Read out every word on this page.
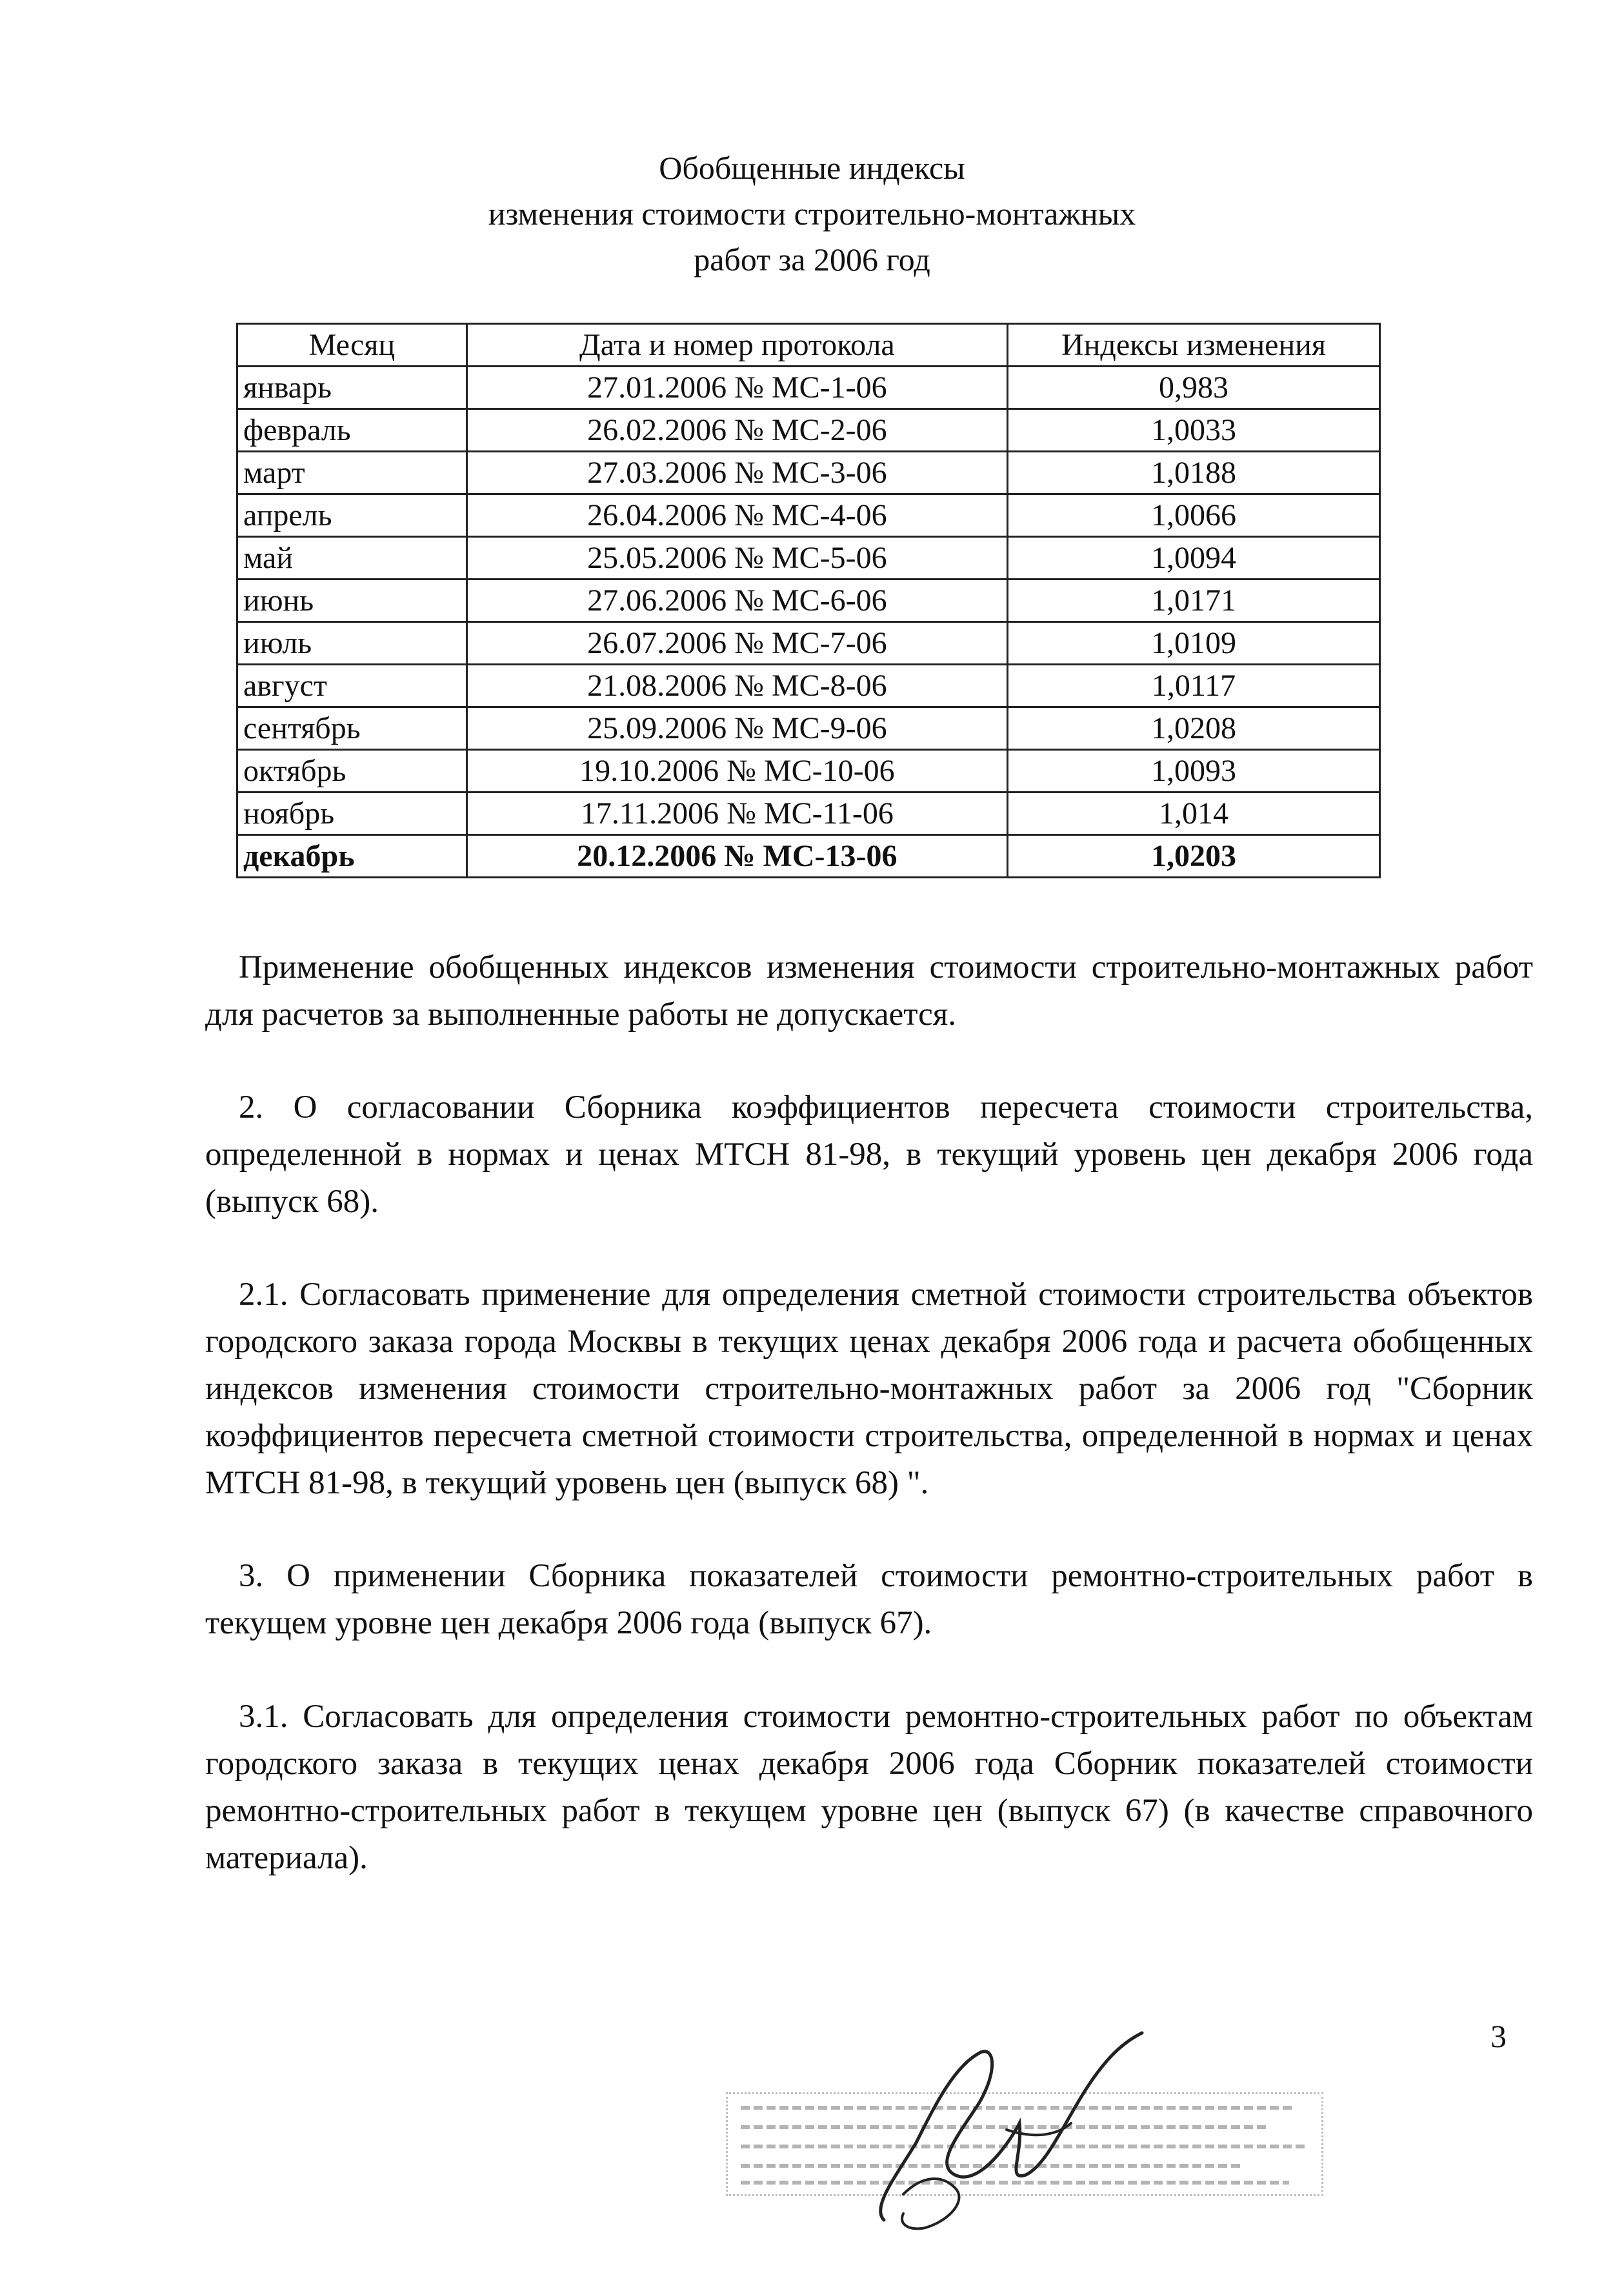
Обобщенные индексы
изменения стоимости строительно-монтажных
работ за 2006 год
Месяц	Дата и номер протокола	Индексы изменения
январь	27.01.2006 № МС-1-06	0,983
февраль	26.02.2006 № МС-2-06	1,0033
март	27.03.2006 № МС-3-06	1,0188
апрель	26.04.2006 № МС-4-06	1,0066
май	25.05.2006 № МС-5-06	1,0094
июнь	27.06.2006 № МС-6-06	1,0171
июль	26.07.2006 № МС-7-06	1,0109
август	21.08.2006 № МС-8-06	1,0117
сентябрь	25.09.2006 № МС-9-06	1,0208
октябрь	19.10.2006 № МС-10-06	1,0093
ноябрь	17.11.2006 № МС-11-06	1,014
декабрь	20.12.2006 № МС-13-06	1,0203
Применение обобщенных индексов изменения стоимости строительно-монтажных работ для расчетов за выполненные работы не допускается.
2. О согласовании Сборника коэффициентов пересчета стоимости строительства, определенной в нормах и ценах МТСН 81-98, в текущий уровень цен декабря 2006 года (выпуск 68).
2.1. Согласовать применение для определения сметной стоимости строительства объектов городского заказа города Москвы в текущих ценах декабря 2006 года и расчета обобщенных индексов изменения стоимости строительно-монтажных работ за 2006 год "Сборник коэффициентов пересчета сметной стоимости строительства, определенной в нормах и ценах МТСН 81-98, в текущий уровень цен (выпуск 68) ".
3. О применении Сборника показателей стоимости ремонтно-строительных работ в текущем уровне цен декабря 2006 года (выпуск 67).
3.1. Согласовать для определения стоимости ремонтно-строительных работ по объектам городского заказа в текущих ценах декабря 2006 года Сборник показателей стоимости ремонтно-строительных работ в текущем уровне цен (выпуск 67) (в качестве справочного материала).
3
